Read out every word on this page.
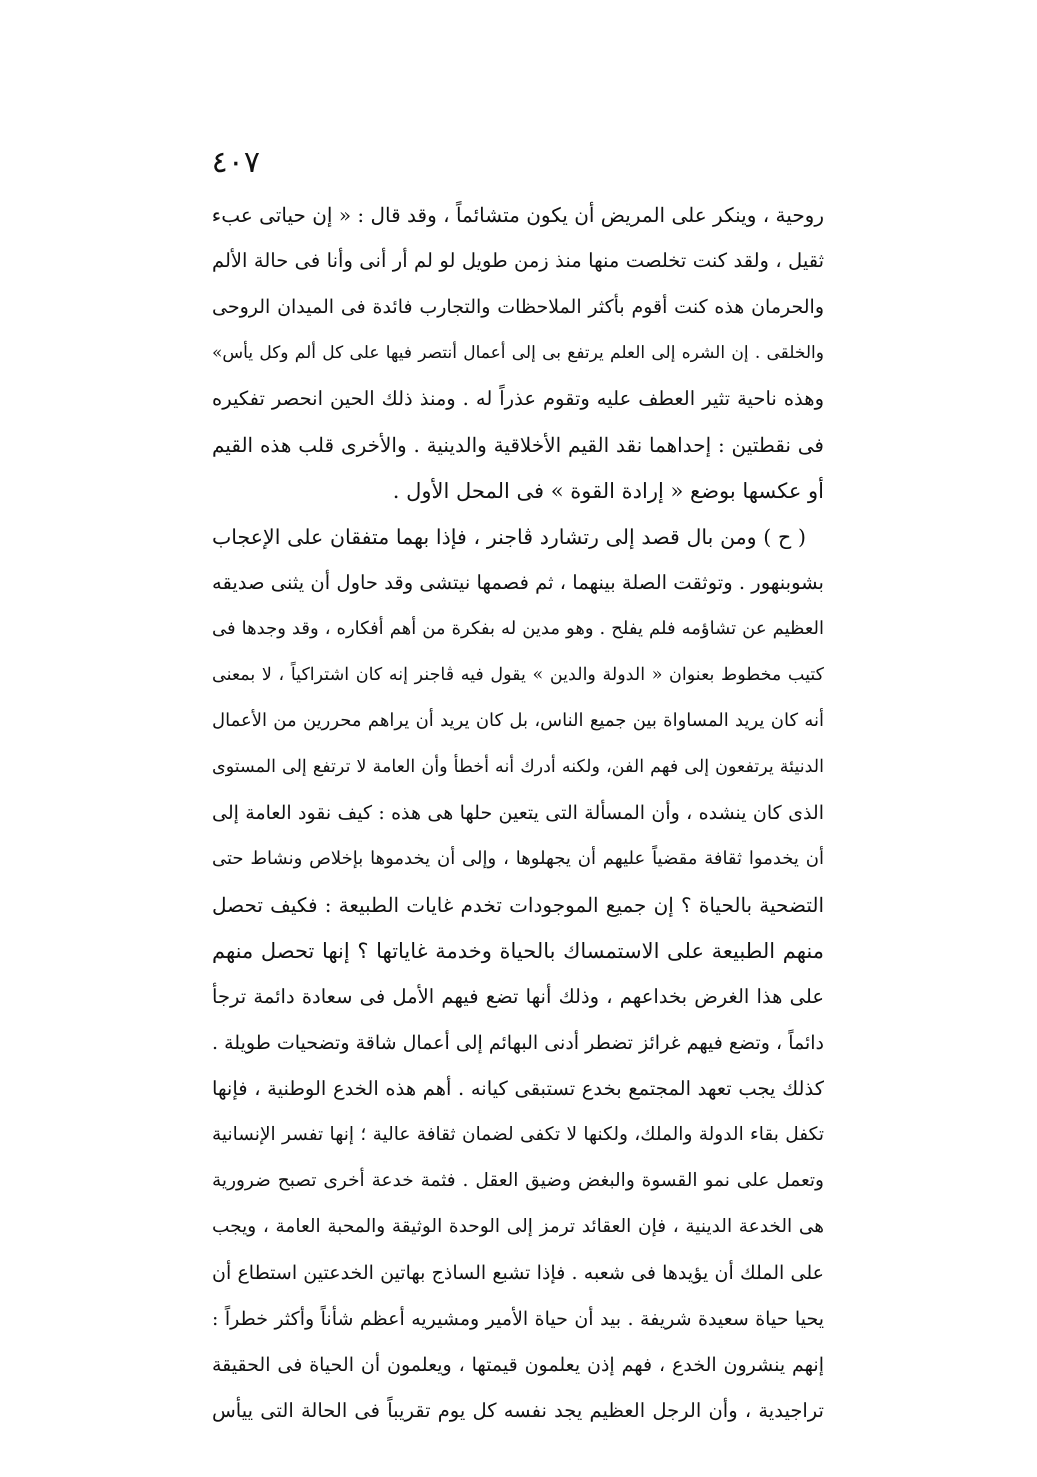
٤٠٧
روحية ، وينكر على المريض أن يكون متشائماً ، وقد قال : « إن حياتى عبء
ثقيل ، ولقد كنت تخلصت منها منذ زمن طويل لو لم أر أنى وأنا فى حالة الألم
والحرمان هذه كنت أقوم بأكثر الملاحظات والتجارب فائدة فى الميدان الروحى
والخلقى . إن الشره إلى العلم يرتفع بى إلى أعمال أنتصر فيها على كل ألم وكل يأس»
وهذه ناحية تثير العطف عليه وتقوم عذراً له . ومنذ ذلك الحين انحصر تفكيره
فى نقطتين : إحداهما نقد القيم الأخلاقية والدينية . والأخرى قلب هذه القيم
أو عكسها بوضع « إرادة القوة » فى المحل الأول .
( ح ) ومن بال قصد إلى رتشارد ڤاجنر ، فإذا بهما متفقان على الإعجاب
بشوبنهور . وتوثقت الصلة بينهما ، ثم فصمها نيتشى وقد حاول أن يثنى صديقه
العظيم عن تشاؤمه فلم يفلح . وهو مدين له بفكرة من أهم أفكاره ، وقد وجدها فى
كتيب مخطوط بعنوان « الدولة والدين » يقول فيه ڤاجنر إنه كان اشتراكياً ، لا بمعنى
أنه كان يريد المساواة بين جميع الناس، بل كان يريد أن يراهم محررين من الأعمال
الدنيئة يرتفعون إلى فهم الفن، ولكنه أدرك أنه أخطأ وأن العامة لا ترتفع إلى المستوى
الذى كان ينشده ، وأن المسألة التى يتعين حلها هى هذه : كيف نقود العامة إلى
أن يخدموا ثقافة مقضياً عليهم أن يجهلوها ، وإلى أن يخدموها بإخلاص ونشاط حتى
التضحية بالحياة ؟ إن جميع الموجودات تخدم غايات الطبيعة : فكيف تحصل
منهم الطبيعة على الاستمساك بالحياة وخدمة غاياتها ؟ إنها تحصل منهم
على هذا الغرض بخداعهم ، وذلك أنها تضع فيهم الأمل فى سعادة دائمة ترجأ
دائماً ، وتضع فيهم غرائز تضطر أدنى البهائم إلى أعمال شاقة وتضحيات طويلة .
كذلك يجب تعهد المجتمع بخدع تستبقى كيانه . أهم هذه الخدع الوطنية ، فإنها
تكفل بقاء الدولة والملك، ولكنها لا تكفى لضمان ثقافة عالية ؛ إنها تفسر الإنسانية
وتعمل على نمو القسوة والبغض وضيق العقل . فثمة خدعة أخرى تصبح ضرورية
هى الخدعة الدينية ، فإن العقائد ترمز إلى الوحدة الوثيقة والمحبة العامة ، ويجب
على الملك أن يؤيدها فى شعبه . فإذا تشبع الساذج بهاتين الخدعتين استطاع أن
يحيا حياة سعيدة شريفة . بيد أن حياة الأمير ومشيريه أعظم شأناً وأكثر خطراً :
إنهم ينشرون الخدع ، فهم إذن يعلمون قيمتها ، ويعلمون أن الحياة فى الحقيقة
تراجيدية ، وأن الرجل العظيم يجد نفسه كل يوم تقريباً فى الحالة التى ييأس
